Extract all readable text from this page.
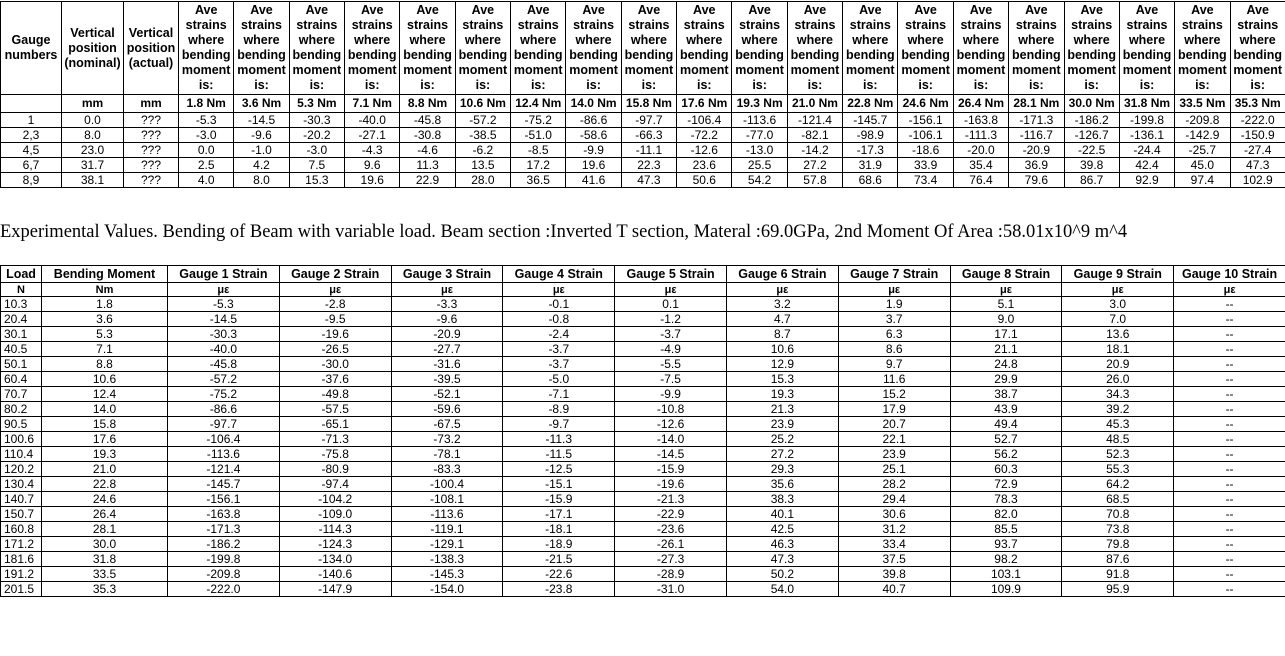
Gauge numbers	Vertical position (nominal)	Vertical position (actual)	Ave strains where bending moment is:	Ave strains where bending moment is:	Ave strains where bending moment is:	Ave strains where bending moment is:	Ave strains where bending moment is:	Ave strains where bending moment is:	Ave strains where bending moment is:	Ave strains where bending moment is:	Ave strains where bending moment is:	Ave strains where bending moment is:	Ave strains where bending moment is:	Ave strains where bending moment is:	Ave strains where bending moment is:	Ave strains where bending moment is:	Ave strains where bending moment is:	Ave strains where bending moment is:	Ave strains where bending moment is:	Ave strains where bending moment is:	Ave strains where bending moment is:	Ave strains where bending moment is:
	mm	mm	1.8 Nm	3.6 Nm	5.3 Nm	7.1 Nm	8.8 Nm	10.6 Nm	12.4 Nm	14.0 Nm	15.8 Nm	17.6 Nm	19.3 Nm	21.0 Nm	22.8 Nm	24.6 Nm	26.4 Nm	28.1 Nm	30.0 Nm	31.8 Nm	33.5 Nm	35.3 Nm
1	0.0	???	-5.3	-14.5	-30.3	-40.0	-45.8	-57.2	-75.2	-86.6	-97.7	-106.4	-113.6	-121.4	-145.7	-156.1	-163.8	-171.3	-186.2	-199.8	-209.8	-222.0
2,3	8.0	???	-3.0	-9.6	-20.2	-27.1	-30.8	-38.5	-51.0	-58.6	-66.3	-72.2	-77.0	-82.1	-98.9	-106.1	-111.3	-116.7	-126.7	-136.1	-142.9	-150.9
4,5	23.0	???	0.0	-1.0	-3.0	-4.3	-4.6	-6.2	-8.5	-9.9	-11.1	-12.6	-13.0	-14.2	-17.3	-18.6	-20.0	-20.9	-22.5	-24.4	-25.7	-27.4
6,7	31.7	???	2.5	4.2	7.5	9.6	11.3	13.5	17.2	19.6	22.3	23.6	25.5	27.2	31.9	33.9	35.4	36.9	39.8	42.4	45.0	47.3
8,9	38.1	???	4.0	8.0	15.3	19.6	22.9	28.0	36.5	41.6	47.3	50.6	54.2	57.8	68.6	73.4	76.4	79.6	86.7	92.9	97.4	102.9
Experimental Values. Bending of Beam with variable load. Beam section :Inverted T section, Materal :69.0GPa, 2nd Moment Of Area :58.01x10^9 m^4
Load	Bending Moment	Gauge 1 Strain	Gauge 2 Strain	Gauge 3 Strain	Gauge 4 Strain	Gauge 5 Strain	Gauge 6 Strain	Gauge 7 Strain	Gauge 8 Strain	Gauge 9 Strain	Gauge 10 Strain
N	Nm	με	με	με	με	με	με	με	με	με	με
10.3	1.8	-5.3	-2.8	-3.3	-0.1	0.1	3.2	1.9	5.1	3.0	--
20.4	3.6	-14.5	-9.5	-9.6	-0.8	-1.2	4.7	3.7	9.0	7.0	--
30.1	5.3	-30.3	-19.6	-20.9	-2.4	-3.7	8.7	6.3	17.1	13.6	--
40.5	7.1	-40.0	-26.5	-27.7	-3.7	-4.9	10.6	8.6	21.1	18.1	--
50.1	8.8	-45.8	-30.0	-31.6	-3.7	-5.5	12.9	9.7	24.8	20.9	--
60.4	10.6	-57.2	-37.6	-39.5	-5.0	-7.5	15.3	11.6	29.9	26.0	--
70.7	12.4	-75.2	-49.8	-52.1	-7.1	-9.9	19.3	15.2	38.7	34.3	--
80.2	14.0	-86.6	-57.5	-59.6	-8.9	-10.8	21.3	17.9	43.9	39.2	--
90.5	15.8	-97.7	-65.1	-67.5	-9.7	-12.6	23.9	20.7	49.4	45.3	--
100.6	17.6	-106.4	-71.3	-73.2	-11.3	-14.0	25.2	22.1	52.7	48.5	--
110.4	19.3	-113.6	-75.8	-78.1	-11.5	-14.5	27.2	23.9	56.2	52.3	--
120.2	21.0	-121.4	-80.9	-83.3	-12.5	-15.9	29.3	25.1	60.3	55.3	--
130.4	22.8	-145.7	-97.4	-100.4	-15.1	-19.6	35.6	28.2	72.9	64.2	--
140.7	24.6	-156.1	-104.2	-108.1	-15.9	-21.3	38.3	29.4	78.3	68.5	--
150.7	26.4	-163.8	-109.0	-113.6	-17.1	-22.9	40.1	30.6	82.0	70.8	--
160.8	28.1	-171.3	-114.3	-119.1	-18.1	-23.6	42.5	31.2	85.5	73.8	--
171.2	30.0	-186.2	-124.3	-129.1	-18.9	-26.1	46.3	33.4	93.7	79.8	--
181.6	31.8	-199.8	-134.0	-138.3	-21.5	-27.3	47.3	37.5	98.2	87.6	--
191.2	33.5	-209.8	-140.6	-145.3	-22.6	-28.9	50.2	39.8	103.1	91.8	--
201.5	35.3	-222.0	-147.9	-154.0	-23.8	-31.0	54.0	40.7	109.9	95.9	--
